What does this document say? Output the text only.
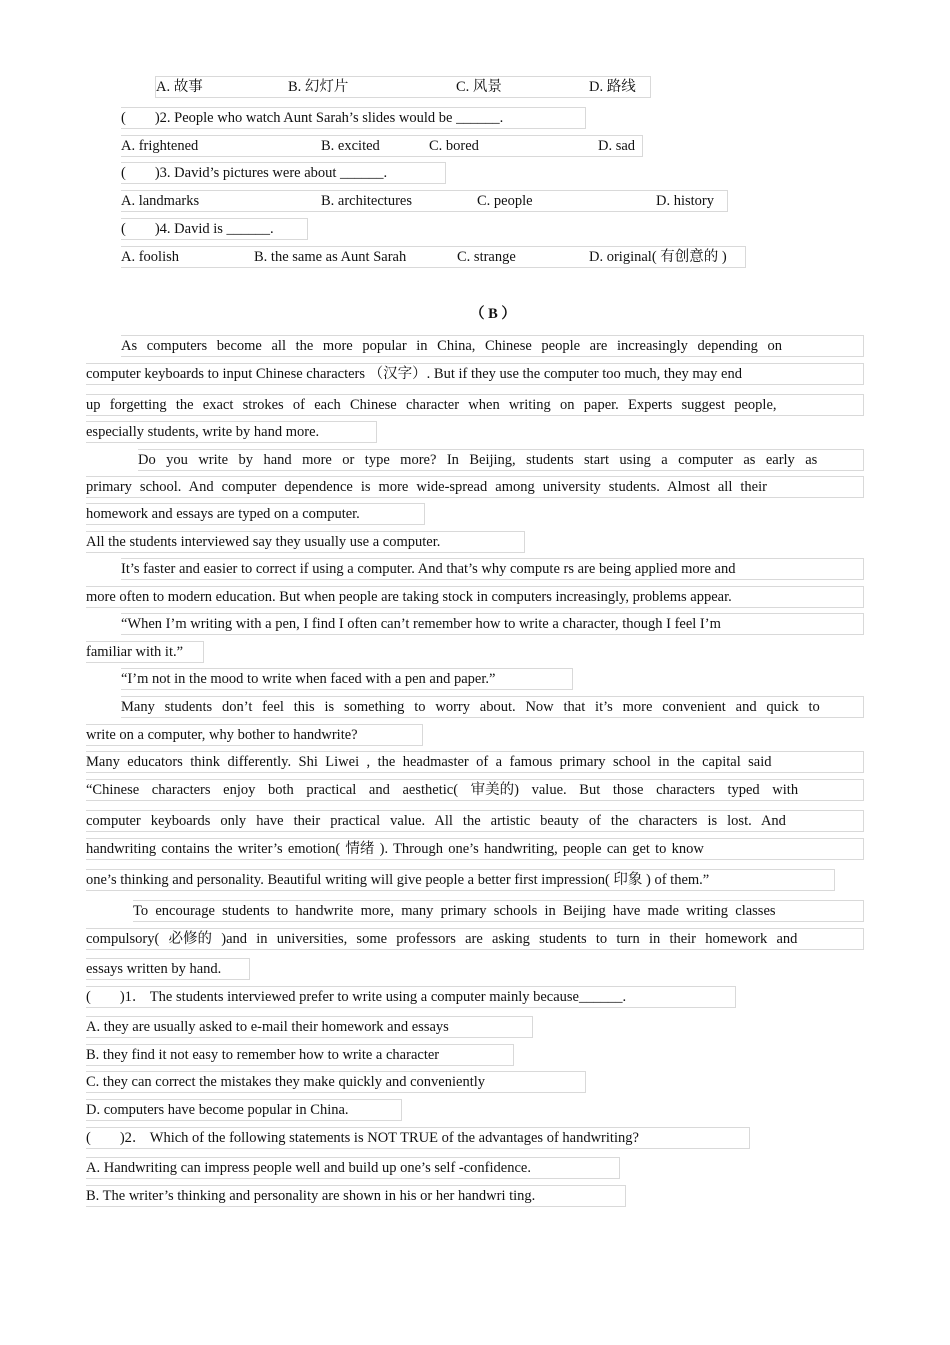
A. 故事	B. 幻灯片	C. 风景	D. 路线
(　　)2. People who watch Aunt Sarah’s slides would be ______.
A. frightened	B. excited	C. bored	D. sad
(　　)3. David’s pictures were about ______.
A. landmarks	B. architectures	C. people	D. history
(　　)4. David is ______.
A. foolish	B. the same as Aunt Sarah	C. strange	D. original( 有创意的 )
（ B ）
As computers become all the more popular in China, Chinese people are increasingly depending on
computer keyboards to input Chinese characters （汉字）. But if they use the computer too much, they may end
up forgetting the exact strokes of each Chinese character when writing on paper. Experts suggest people,
especially students, write by hand more.
Do you write by hand more or type more? In Beijing, students start using a computer as early as
primary school. And computer dependence is more wide-spread among university students. Almost all their
homework and essays are typed on a computer.
All the students interviewed say they usually use a computer.
It’s faster and easier to correct if using a computer. And that’s why compute rs are being applied more and
more often to modern education. But when people are taking stock in computers increasingly, problems appear.
“When I’m writing with a pen, I find I often can’t remember how to write a character, though I feel I’m
familiar with it.”
“I’m not in the mood to write when faced with a pen and paper.”
Many students don’t feel this is something to worry about. Now that it’s more convenient and quick to
write on a computer, why bother to handwrite?
Many educators think differently. Shi Liwei , the headmaster of a famous primary school in the capital said
“Chinese characters enjoy both practical and aesthetic( 审美的) value. But those characters typed with
computer keyboards only have their practical value. All the artistic beauty of the characters is lost. And
handwriting contains the writer’s emotion( 情绪 ). Through one’s handwriting, people can get to know
one’s thinking and personality. Beautiful writing will give people a better first impression( 印象 ) of them.”
To encourage students to handwrite more, many primary schools in Beijing have made writing classes
compulsory( 必修的 )and in universities, some professors are asking students to turn in their homework and
essays written by hand.
(　　)1． The students interviewed prefer to write using a computer mainly because______.
A. they are usually asked to e-mail their homework and essays
B. they find it not easy to remember how to write a character
C. they can correct the mistakes they make quickly and conveniently
D. computers have become popular in China.
(　　)2． Which of the following statements is NOT TRUE of the advantages of handwriting?
A. Handwriting can impress people well and build up one’s self -confidence.
B. The writer’s thinking and personality are shown in his or her handwri ting.
